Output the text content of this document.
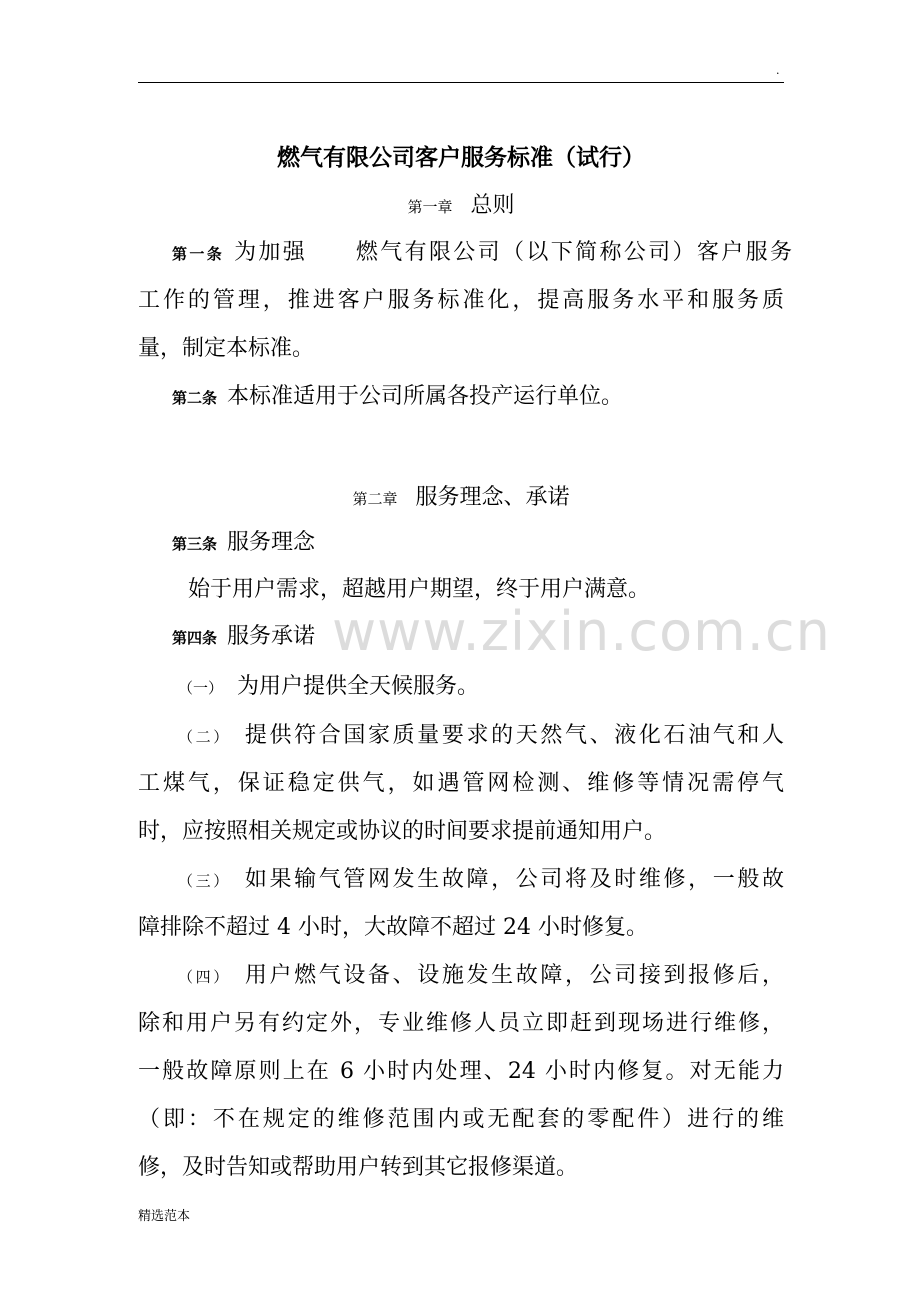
.
燃气有限公司客户服务标准（试行）
第一章 总则
第一条 为加强　　燃气有限公司（以下简称公司）客户服务
工作的管理，推进客户服务标准化，提高服务水平和服务质
量，制定本标准。
第二条 本标准适用于公司所属各投产运行单位。
第二章 服务理念、承诺
第三条 服务理念
始于用户需求，超越用户期望，终于用户满意。
第四条 服务承诺
（一） 为用户提供全天候服务。
（二） 提供符合国家质量要求的天然气、液化石油气和人
工煤气，保证稳定供气，如遇管网检测、维修等情况需停气
时，应按照相关规定或协议的时间要求提前通知用户。
（三） 如果输气管网发生故障，公司将及时维修，一般故
障排除不超过 4 小时，大故障不超过 24 小时修复。
（四） 用户燃气设备、设施发生故障，公司接到报修后，
除和用户另有约定外，专业维修人员立即赶到现场进行维修，
一般故障原则上在 6 小时内处理、24 小时内修复。对无能力
（即：不在规定的维修范围内或无配套的零配件）进行的维
修，及时告知或帮助用户转到其它报修渠道。
www.zixin.com.cn
精选范本
